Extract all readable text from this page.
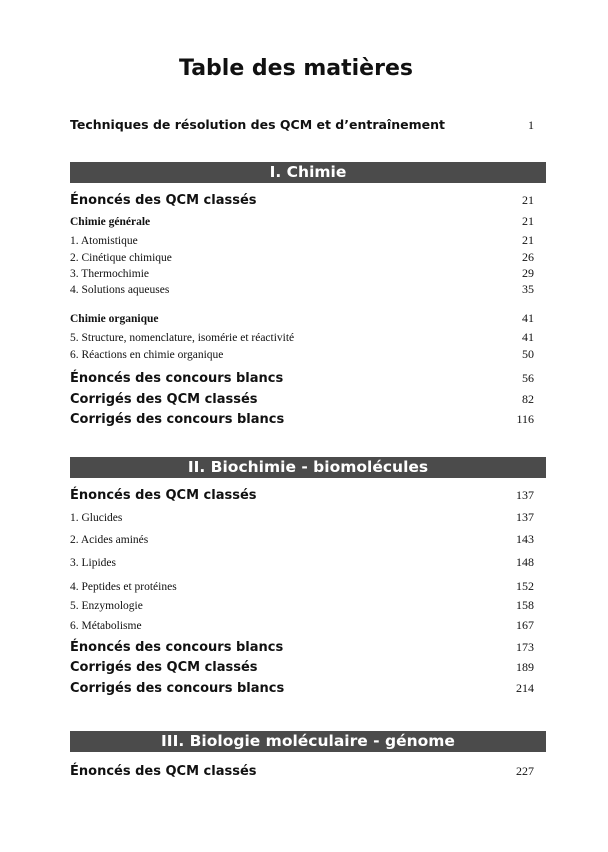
Table des matières
Techniques de résolution des QCM et d’entraînement	1
I. Chimie
Énoncés des QCM classés	21
Chimie générale	21
1. Atomistique	21
2. Cinétique chimique	26
3. Thermochimie	29
4. Solutions aqueuses	35
Chimie organique	41
5. Structure, nomenclature, isomérie et réactivité	41
6. Réactions en chimie organique	50
Énoncés des concours blancs	56
Corrigés des QCM classés	82
Corrigés des concours blancs	116
II. Biochimie - biomolécules
Énoncés des QCM classés	137
1. Glucides	137
2. Acides aminés	143
3. Lipides	148
4. Peptides et protéines	152
5. Enzymologie	158
6. Métabolisme	167
Énoncés des concours blancs	173
Corrigés des QCM classés	189
Corrigés des concours blancs	214
III. Biologie moléculaire - génome
Énoncés des QCM classés	227
